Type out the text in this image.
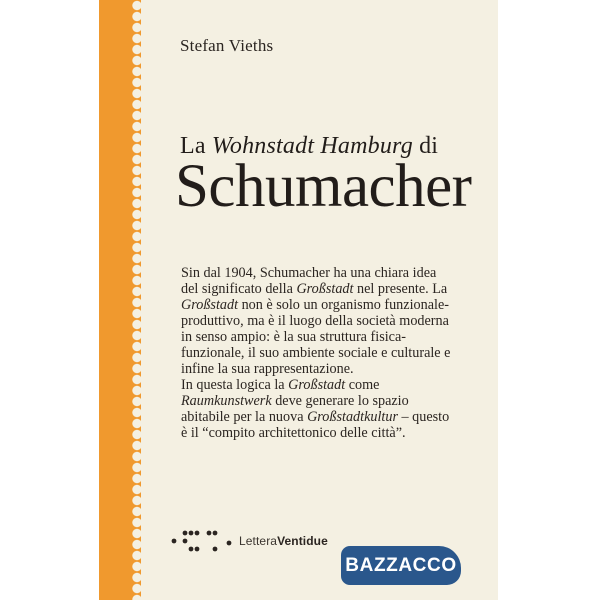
Stefan Vieths
La Wohnstadt Hamburg di
Schumacher
Sin dal 1904, Schumacher ha una chiara idea
del significato della Großstadt nel presente. La
Großstadt non è solo un organismo funzionale-
produttivo, ma è il luogo della società moderna
in senso ampio: è la sua struttura fisica-
funzionale, il suo ambiente sociale e culturale e
infine la sua rappresentazione.
In questa logica la Großstadt come
Raumkunstwerk deve generare lo spazio
abitabile per la nuova Großstadtkultur – questo
è il “compito architettonico delle città”.
LetteraVentidue
BAZZACCO
